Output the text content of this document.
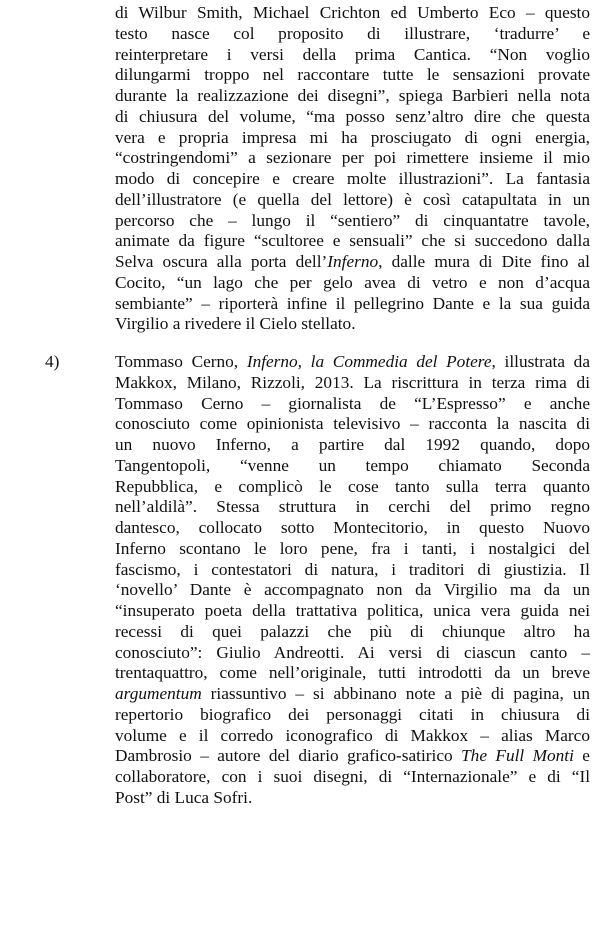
di Wilbur Smith, Michael Crichton ed Umberto Eco – questo
testo nasce col proposito di illustrare, ‘tradurre’ e
reinterpretare i versi della prima Cantica. “Non voglio
dilungarmi troppo nel raccontare tutte le sensazioni provate
durante la realizzazione dei disegni”, spiega Barbieri nella nota
di chiusura del volume, “ma posso senz’altro dire che questa
vera e propria impresa mi ha prosciugato di ogni energia,
“costringendomi” a sezionare per poi rimettere insieme il mio
modo di concepire e creare molte illustrazioni”. La fantasia
dell’illustratore (e quella del lettore) è così catapultata in un
percorso che – lungo il “sentiero” di cinquantatre tavole,
animate da figure “scultoree e sensuali” che si succedono dalla
Selva oscura alla porta dell’Inferno, dalle mura di Dite fino al
Cocito, “un lago che per gelo avea di vetro e non d’acqua
sembiante” – riporterà infine il pellegrino Dante e la sua guida
Virgilio a rivedere il Cielo stellato.
4)	Tommaso Cerno, Inferno, la Commedia del Potere, illustrata da
Makkox, Milano, Rizzoli, 2013. La riscrittura in terza rima di
Tommaso Cerno – giornalista de “L’Espresso” e anche
conosciuto come opinionista televisivo – racconta la nascita di
un nuovo Inferno, a partire dal 1992 quando, dopo
Tangentopoli, “venne un tempo chiamato Seconda
Repubblica, e complicò le cose tanto sulla terra quanto
nell’aldilà”. Stessa struttura in cerchi del primo regno
dantesco, collocato sotto Montecitorio, in questo Nuovo
Inferno scontano le loro pene, fra i tanti, i nostalgici del
fascismo, i contestatori di natura, i traditori di giustizia. Il
‘novello’ Dante è accompagnato non da Virgilio ma da un
“insuperato poeta della trattativa politica, unica vera guida nei
recessi di quei palazzi che più di chiunque altro ha
conosciuto”: Giulio Andreotti. Ai versi di ciascun canto –
trentaquattro, come nell’originale, tutti introdotti da un breve
argumentum riassuntivo – si abbinano note a piè di pagina, un
repertorio biografico dei personaggi citati in chiusura di
volume e il corredo iconografico di Makkox – alias Marco
Dambrosio – autore del diario grafico-satirico The Full Monti e
collaboratore, con i suoi disegni, di “Internazionale” e di “Il
Post” di Luca Sofri.
